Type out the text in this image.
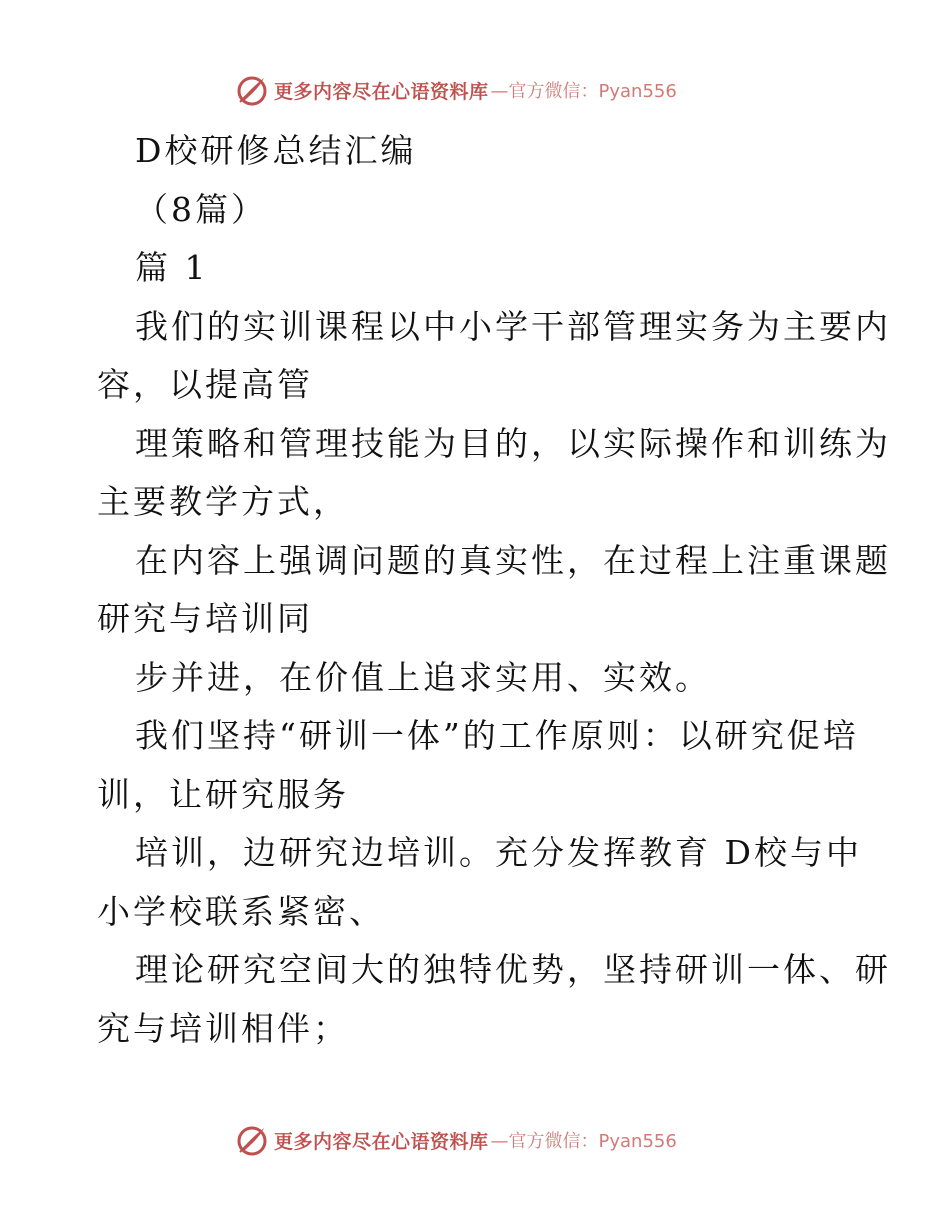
更多内容尽在心语资料库 —官方微信：Pyan556
D校研修总结汇编
（8篇）
篇 1
我们的实训课程以中小学干部管理实务为主要内
容，以提高管
理策略和管理技能为目的，以实际操作和训练为
主要教学方式，
在内容上强调问题的真实性，在过程上注重课题
研究与培训同
步并进，在价值上追求实用、实效。
我们坚持“研训一体”的工作原则：以研究促培
训，让研究服务
培训，边研究边培训。充分发挥教育 D校与中
小学校联系紧密、
理论研究空间大的独特优势，坚持研训一体、研
究与培训相伴；
更多内容尽在心语资料库 —官方微信：Pyan556
